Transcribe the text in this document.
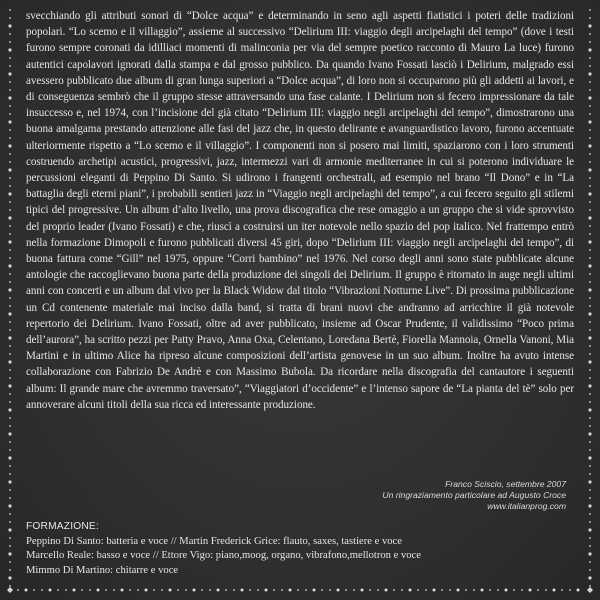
svecchiando gli attributi sonori di “Dolce acqua” e determinando in seno agli aspetti fiatistici i poteri delle tradizioni popolari. “Lo scemo e il villaggio”, assieme al successivo “Delirium III: viaggio degli arcipelaghi del tempo” (dove i testi furono sempre coronati da idilliaci momenti di malinconia per via del sempre poetico racconto di Mauro La luce) furono autentici capolavori ignorati dalla stampa e dal grosso pubblico. Da quando Ivano Fossati lasciò i Delirium, malgrado essi avessero pubblicato due album di gran lunga superiori a “Dolce acqua”, di loro non si occuparono più gli addetti ai lavori, e di conseguenza sembrò che il gruppo stesse attraversando una fase calante. I Delirium non si fecero impressionare da tale insuccesso e, nel 1974, con l’incisione del già citato “Delirium III: viaggio negli arcipelaghi del tempo”, dimostrarono una buona amalgama prestando attenzione alle fasi del jazz che, in questo delirante e avanguardistico lavoro, furono accentuate ulteriormente rispetto a “Lo scemo e il villaggio”. I componenti non si posero mai limiti, spaziarono con i loro strumenti costruendo archetipi acustici, progressivi, jazz, intermezzi vari di armonie mediterranee in cui si poterono individuare le percussioni eleganti di Peppino Di Santo. Si udirono i frangenti orchestrali, ad esempio nel brano “Il Dono” e in “La battaglia degli eterni piani”, i probabili sentieri jazz in “Viaggio negli arcipelaghi del tempo”, a cui fecero seguito gli stilemi tipici del progressive. Un album d’alto livello, una prova discografica che rese omaggio a un gruppo che si vide sprovvisto del proprio leader (Ivano Fossati) e che, riuscì a costruirsi un iter notevole nello spazio del pop italico. Nel frattempo entrò nella formazione Dimopoli e furono pubblicati diversi 45 giri, dopo “Delirium III: viaggio negli arcipelaghi del tempo”, di buona fattura come “Gill” nel 1975, oppure “Corri bambino” nel 1976. Nel corso degli anni sono state pubblicate alcune antologie che raccoglievano buona parte della produzione dei singoli dei Delirium. Il gruppo è ritornato in auge negli ultimi anni con concerti e un album dal vivo per la Black Widow dal titolo “Vibrazioni Notturne Live”. Di prossima pubblicazione un Cd contenente materiale mai inciso dalla band, si tratta di brani nuovi che andranno ad arricchire il già notevole repertorio dei Delirium. Ivano Fossati, oltre ad aver pubblicato, insieme ad Oscar Prudente, il validissimo “Poco prima dell’aurora”, ha scritto pezzi per Patty Pravo, Anna Oxa, Celentano, Loredana Bertè, Fiorella Mannoia, Ornella Vanoni, Mia Martini e in ultimo Alice ha ripreso alcune composizioni dell’artista genovese in un suo album. Inoltre ha avuto intense collaborazione con Fabrizio De Andrè e con Massimo Bubola. Da ricordare nella discografia del cantautore i seguenti album: Il grande mare che avremmo traversato”, “Viaggiatori d’occidente” e l’intenso sapore de “La pianta del tè” solo per annoverare alcuni titoli della sua ricca ed interessante produzione.

Franco Sciscio, settembre 2007
Un ringraziamento particolare ad Augusto Croce
www.italianprog.com
FORMAZIONE:
Peppino Di Santo: batteria e voce // Martin Frederick Grice: flauto, saxes, tastiere e voce
Marcello Reale: basso e voce // Ettore Vigo: piano,moog, organo, vibrafono,mellotron e voce
Mimmo Di Martino: chitarre e voce
